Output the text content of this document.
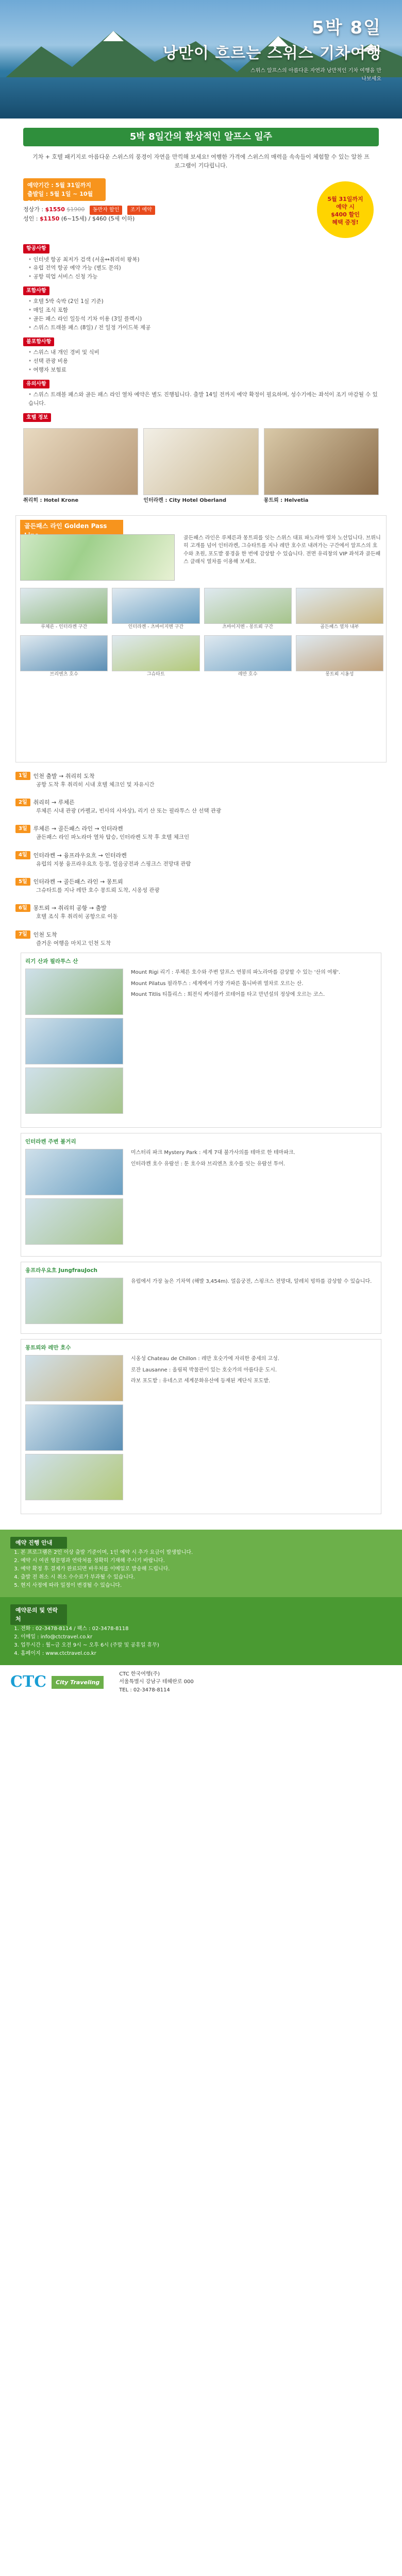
5박 8일
낭만이 흐르는 스위스 기차여행
스위스 알프스의 아름다운 자연과 낭만적인 기차 여행을 만나보세요
5박 8일간의 환상적인 알프스 일주

기차 + 호텔 패키지로 아름다운 스위스의 풍경이 자연을 만끽해 보세요! 여행한 가격에 스위스의 매력을 속속들이 체험할 수 있는 알찬 프로그램이 기다립니다.

예약기간 : 5월 31일까지
출발일 : 5월 1일 ~ 10월 31일
정상가 : $1550 $1900 동반자 할인 조기 예약
성인 : $1150 (6~15세) / $460 (5세 이하)
5월 31일까지
예약 시
$400 할인
혜택 증정!
항공사항
• 인터넷 항공 최저가 검색 (서울↔취리히 왕복)
• 유럽 전역 항공 예약 가능 (별도 문의)
• 공항 픽업 서비스 신청 가능
포함사항
• 호텔 5박 숙박 (2인 1실 기준)
• 매일 조식 포함
• 골든 패스 라인 일등석 기차 이용 (3일 플렉시)
• 스위스 트래블 패스 (8일) / 전 일정 가이드북 제공
불포함사항
• 스위스 내 개인 경비 및 식비
• 선택 관광 비용
• 여행자 보험료
유의사항
• 스위스 트래블 패스와 골든 패스 라인 열차 예약은 별도 진행됩니다. 출발 14일 전까지 예약 확정이 필요하며, 성수기에는 좌석이 조기 마감될 수 있습니다.
호텔 정보
취리히 : Hotel Krone	인터라켄 : City Hotel Oberland	몽트뢰 : Helvetia
골든패스 라인 Golden Pass
골든패스 라인은 루체른과 몽트뢰를 잇는 스위스 대표 파노라마 열차 노선입니다. 브뤼니히 고개를 넘어 인터라켄, 그슈타트를 지나 레만 호수로 내려가는 구간에서 알프스의 호수와 초원, 포도밭 풍경을 한 번에 감상할 수 있습니다. 전면 유리창의 VIP 좌석과 골든패스 클래식 열차를 이용해 보세요.
루체른 - 인터라켄 구간	인터라켄 - 츠바이지멘 구간	츠바이지멘 - 몽트뢰 구간	골든패스 열차 내부
브리엔츠 호수	그슈타트	레만 호수	몽트뢰 시옹성
1일	인천 출발 → 취리히 도착
공항 도착 후 취리히 시내 호텔 체크인 및 자유시간
2일	취리히 → 루체른
루체른 시내 관광 (카펠교, 빈사의 사자상), 리기 산 또는 필라투스 산 선택 관광
3일	루체른 → 골든패스 라인 → 인터라켄
골든패스 라인 파노라마 열차 탑승, 인터라켄 도착 후 호텔 체크인
4일	인터라켄 → 융프라우요흐 → 인터라켄
유럽의 지붕 융프라우요흐 등정, 얼음궁전과 스핑크스 전망대 관람
5일	인터라켄 → 골든패스 라인 → 몽트뢰
그슈타트를 지나 레만 호수 몽트뢰 도착, 시옹성 관광
6일	몽트뢰 → 취리히 공항 → 출발
호텔 조식 후 취리히 공항으로 이동
7일	인천 도착
즐거운 여행을 마치고 인천 도착
리기 산과 필라투스 산

Mount Rigi 리기 : 루체른 호수와 주변 알프스 연봉의 파노라마를 감상할 수 있는 '산의 여왕'.

Mount Pilatus 필라투스 : 세계에서 가장 가파른 톱니바퀴 열차로 오르는 산.

Mount Titlis 티틀리스 : 회전식 케이블카 로테어를 타고 만년설의 정상에 오르는 코스.

인터라켄 주변 볼거리

미스터리 파크 Mystery Park : 세계 7대 불가사의를 테마로 한 테마파크.

인터라켄 호수 유람선 : 툰 호수와 브리엔츠 호수를 잇는 유람선 투어.

융프라우요흐 JungfrauJoch

유럽에서 가장 높은 기차역 (해발 3,454m). 얼음궁전, 스핑크스 전망대, 알레치 빙하를 감상할 수 있습니다.

몽트뢰와 레만 호수

시옹성 Chateau de Chillon : 레만 호숫가에 자리한 중세의 고성.

로잔 Lausanne : 올림픽 박물관이 있는 호숫가의 아름다운 도시.

라보 포도밭 : 유네스코 세계문화유산에 등재된 계단식 포도밭.

예약 진행 안내
1. 본 프로그램은 2인 이상 출발 기준이며, 1인 예약 시 추가 요금이 발생합니다.
2. 예약 시 여권 영문명과 연락처를 정확히 기재해 주시기 바랍니다.
3. 예약 확정 후 결제가 완료되면 바우처를 이메일로 발송해 드립니다.
4. 출발 전 취소 시 취소 수수료가 부과될 수 있습니다.
5. 현지 사정에 따라 일정이 변경될 수 있습니다.
예약문의 및 연락처
1. 전화 : 02-3478-8114 / 팩스 : 02-3478-8118
2. 이메일 : info@ctctravel.co.kr
3. 업무시간 : 월~금 오전 9시 ~ 오후 6시 (주말 및 공휴일 휴무)
4. 홈페이지 : www.ctctravel.co.kr
CTC	City Traveling
CTC 한국여행(주)
서울특별시 강남구 테헤란로 000
TEL : 02-3478-8114
